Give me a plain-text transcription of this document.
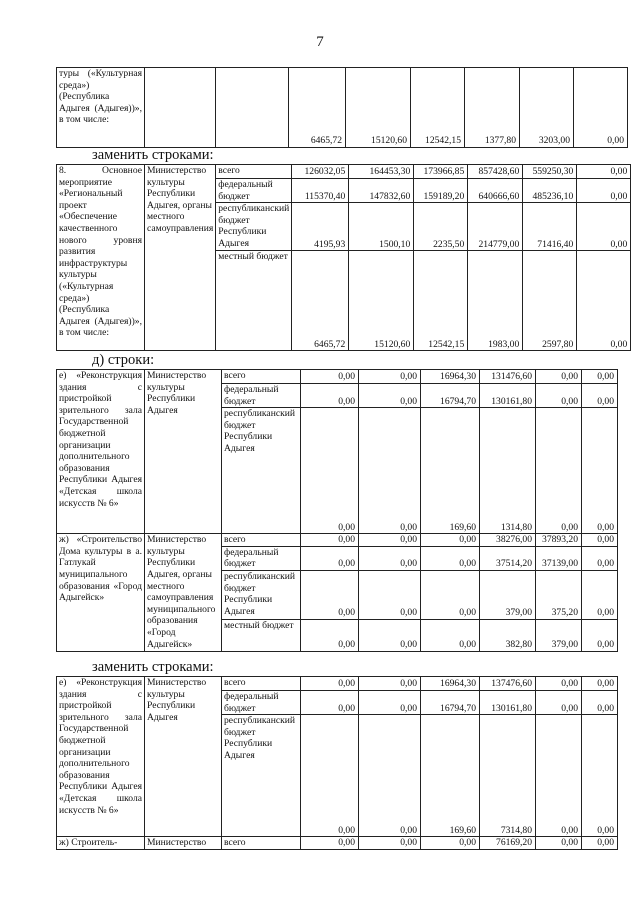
7
туры («Культурная среда») (Республика Адыгея (Адыгея))», в том числе:			6465,72	15120,60	12542,15	1377,80	3203,00	0,00
заменить строками:
8. Основное мероприятие «Региональный проект «Обеспечение качественного нового уровня развития инфраструктуры культуры («Культурная среда») (Республика Адыгея (Адыгея))», в том числе:	Министерство культуры Республики Адыгея, органы местного самоуправления	всего	126032,05	164453,30	173966,85	857428,60	559250,30	0,00
		федеральный бюджет	115370,40	147832,60	159189,20	640666,60	485236,10	0,00
		республиканский бюджет Республики Адыгея	4195,93	1500,10	2235,50	214779,00	71416,40	0,00
		местный бюджет	6465,72	15120,60	12542,15	1983,00	2597,80	0,00
д) строки:
е) «Реконструкция здания с пристройкой зрительного зала Государственной бюджетной организации дополнительного образования Республики Адыгея «Детская школа искусств № 6»	Министерство культуры Республики Адыгея	всего	0,00	0,00	16964,30	131476,60	0,00	0,00
		федеральный бюджет	0,00	0,00	16794,70	130161,80	0,00	0,00
		республиканский бюджет Республики Адыгея	0,00	0,00	169,60	1314,80	0,00	0,00
ж) «Строительство Дома культуры в а. Гатлукай муниципального образования «Город Адыгейск»	Министерство культуры Республики Адыгея, органы местного самоуправления муниципального образования «Город Адыгейск»	всего	0,00	0,00	0,00	38276,00	37893,20	0,00
		федеральный бюджет	0,00	0,00	0,00	37514,20	37139,00	0,00
		республиканский бюджет Республики Адыгея	0,00	0,00	0,00	379,00	375,20	0,00
		местный бюджет	0,00	0,00	0,00	382,80	379,00	0,00
заменить строками:
е) «Реконструкция здания с пристройкой зрительного зала Государственной бюджетной организации дополнительного образования Республики Адыгея «Детская школа искусств № 6»	Министерство культуры Республики Адыгея	всего	0,00	0,00	16964,30	137476,60	0,00	0,00
		федеральный бюджет	0,00	0,00	16794,70	130161,80	0,00	0,00
		республиканский бюджет Республики Адыгея	0,00	0,00	169,60	7314,80	0,00	0,00
ж) Строитель-	Министерство	всего	0,00	0,00	0,00	76169,20	0,00	0,00
